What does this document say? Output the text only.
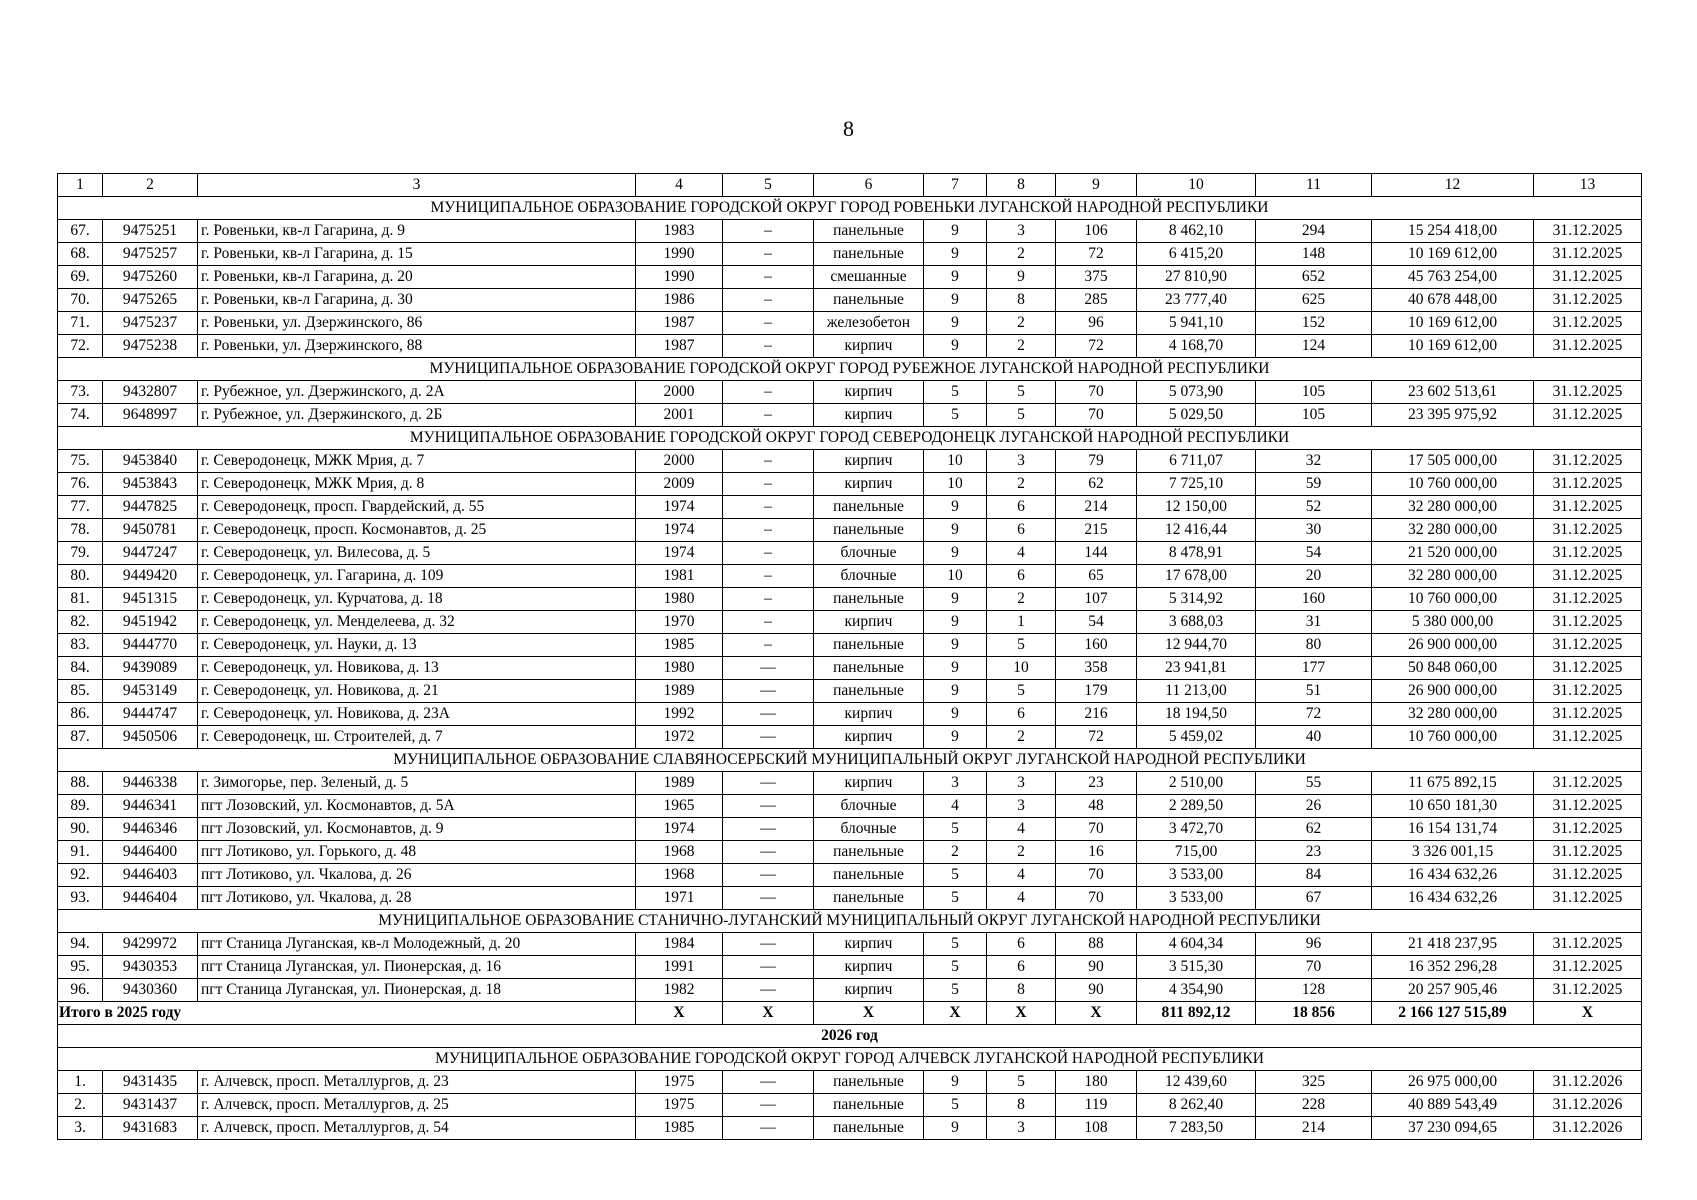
8
1	2	3	4	5	6	7	8	9	10	11	12	13
МУНИЦИПАЛЬНОЕ ОБРАЗОВАНИЕ ГОРОДСКОЙ ОКРУГ ГОРОД РОВЕНЬКИ ЛУГАНСКОЙ НАРОДНОЙ РЕСПУБЛИКИ												
67.	9475251	г. Ровеньки, кв-л Гагарина, д. 9	1983	–	панельные	9	3	106	8 462,10	294	15 254 418,00	31.12.2025
68.	9475257	г. Ровеньки, кв-л Гагарина, д. 15	1990	–	панельные	9	2	72	6 415,20	148	10 169 612,00	31.12.2025
69.	9475260	г. Ровеньки, кв-л Гагарина, д. 20	1990	–	смешанные	9	9	375	27 810,90	652	45 763 254,00	31.12.2025
70.	9475265	г. Ровеньки, кв-л Гагарина, д. 30	1986	–	панельные	9	8	285	23 777,40	625	40 678 448,00	31.12.2025
71.	9475237	г. Ровеньки, ул. Дзержинского, 86	1987	–	железобетон	9	2	96	5 941,10	152	10 169 612,00	31.12.2025
72.	9475238	г. Ровеньки, ул. Дзержинского, 88	1987	–	кирпич	9	2	72	4 168,70	124	10 169 612,00	31.12.2025
МУНИЦИПАЛЬНОЕ ОБРАЗОВАНИЕ ГОРОДСКОЙ ОКРУГ ГОРОД РУБЕЖНОЕ ЛУГАНСКОЙ НАРОДНОЙ РЕСПУБЛИКИ												
73.	9432807	г. Рубежное, ул. Дзержинского, д. 2А	2000	–	кирпич	5	5	70	5 073,90	105	23 602 513,61	31.12.2025
74.	9648997	г. Рубежное, ул. Дзержинского, д. 2Б	2001	–	кирпич	5	5	70	5 029,50	105	23 395 975,92	31.12.2025
МУНИЦИПАЛЬНОЕ ОБРАЗОВАНИЕ ГОРОДСКОЙ ОКРУГ ГОРОД СЕВЕРОДОНЕЦК ЛУГАНСКОЙ НАРОДНОЙ РЕСПУБЛИКИ												
75.	9453840	г. Северодонецк, МЖК Мрия, д. 7	2000	–	кирпич	10	3	79	6 711,07	32	17 505 000,00	31.12.2025
76.	9453843	г. Северодонецк, МЖК Мрия, д. 8	2009	–	кирпич	10	2	62	7 725,10	59	10 760 000,00	31.12.2025
77.	9447825	г. Северодонецк, просп. Гвардейский, д. 55	1974	–	панельные	9	6	214	12 150,00	52	32 280 000,00	31.12.2025
78.	9450781	г. Северодонецк, просп. Космонавтов, д. 25	1974	–	панельные	9	6	215	12 416,44	30	32 280 000,00	31.12.2025
79.	9447247	г. Северодонецк, ул. Вилесова, д. 5	1974	–	блочные	9	4	144	8 478,91	54	21 520 000,00	31.12.2025
80.	9449420	г. Северодонецк, ул. Гагарина, д. 109	1981	–	блочные	10	6	65	17 678,00	20	32 280 000,00	31.12.2025
81.	9451315	г. Северодонецк, ул. Курчатова, д. 18	1980	–	панельные	9	2	107	5 314,92	160	10 760 000,00	31.12.2025
82.	9451942	г. Северодонецк, ул. Менделеева, д. 32	1970	–	кирпич	9	1	54	3 688,03	31	5 380 000,00	31.12.2025
83.	9444770	г. Северодонецк, ул. Науки, д. 13	1985	–	панельные	9	5	160	12 944,70	80	26 900 000,00	31.12.2025
84.	9439089	г. Северодонецк, ул. Новикова, д. 13	1980	—	панельные	9	10	358	23 941,81	177	50 848 060,00	31.12.2025
85.	9453149	г. Северодонецк, ул. Новикова, д. 21	1989	—	панельные	9	5	179	11 213,00	51	26 900 000,00	31.12.2025
86.	9444747	г. Северодонецк, ул. Новикова, д. 23А	1992	—	кирпич	9	6	216	18 194,50	72	32 280 000,00	31.12.2025
87.	9450506	г. Северодонецк, ш. Строителей, д. 7	1972	—	кирпич	9	2	72	5 459,02	40	10 760 000,00	31.12.2025
МУНИЦИПАЛЬНОЕ ОБРАЗОВАНИЕ СЛАВЯНОСЕРБСКИЙ МУНИЦИПАЛЬНЫЙ ОКРУГ ЛУГАНСКОЙ НАРОДНОЙ РЕСПУБЛИКИ												
88.	9446338	г. Зимогорье, пер. Зеленый, д. 5	1989	—	кирпич	3	3	23	2 510,00	55	11 675 892,15	31.12.2025
89.	9446341	пгт Лозовский, ул. Космонавтов, д. 5А	1965	—	блочные	4	3	48	2 289,50	26	10 650 181,30	31.12.2025
90.	9446346	пгт Лозовский, ул. Космонавтов, д. 9	1974	—	блочные	5	4	70	3 472,70	62	16 154 131,74	31.12.2025
91.	9446400	пгт Лотиково, ул. Горького, д. 48	1968	—	панельные	2	2	16	715,00	23	3 326 001,15	31.12.2025
92.	9446403	пгт Лотиково, ул. Чкалова, д. 26	1968	—	панельные	5	4	70	3 533,00	84	16 434 632,26	31.12.2025
93.	9446404	пгт Лотиково, ул. Чкалова, д. 28	1971	—	панельные	5	4	70	3 533,00	67	16 434 632,26	31.12.2025
МУНИЦИПАЛЬНОЕ ОБРАЗОВАНИЕ СТАНИЧНО-ЛУГАНСКИЙ МУНИЦИПАЛЬНЫЙ ОКРУГ ЛУГАНСКОЙ НАРОДНОЙ РЕСПУБЛИКИ												
94.	9429972	пгт Станица Луганская, кв-л Молодежный, д. 20	1984	—	кирпич	5	6	88	4 604,34	96	21 418 237,95	31.12.2025
95.	9430353	пгт Станица Луганская, ул. Пионерская, д. 16	1991	—	кирпич	5	6	90	3 515,30	70	16 352 296,28	31.12.2025
96.	9430360	пгт Станица Луганская, ул. Пионерская, д. 18	1982	—	кирпич	5	8	90	4 354,90	128	20 257 905,46	31.12.2025
Итого в 2025 году			X	X	X	X	X	X	811 892,12	18 856	2 166 127 515,89	X
2026 год												
МУНИЦИПАЛЬНОЕ ОБРАЗОВАНИЕ ГОРОДСКОЙ ОКРУГ ГОРОД АЛЧЕВСК ЛУГАНСКОЙ НАРОДНОЙ РЕСПУБЛИКИ												
1.	9431435	г. Алчевск, просп. Металлургов, д. 23	1975	—	панельные	9	5	180	12 439,60	325	26 975 000,00	31.12.2026
2.	9431437	г. Алчевск, просп. Металлургов, д. 25	1975	—	панельные	5	8	119	8 262,40	228	40 889 543,49	31.12.2026
3.	9431683	г. Алчевск, просп. Металлургов, д. 54	1985	—	панельные	9	3	108	7 283,50	214	37 230 094,65	31.12.2026
